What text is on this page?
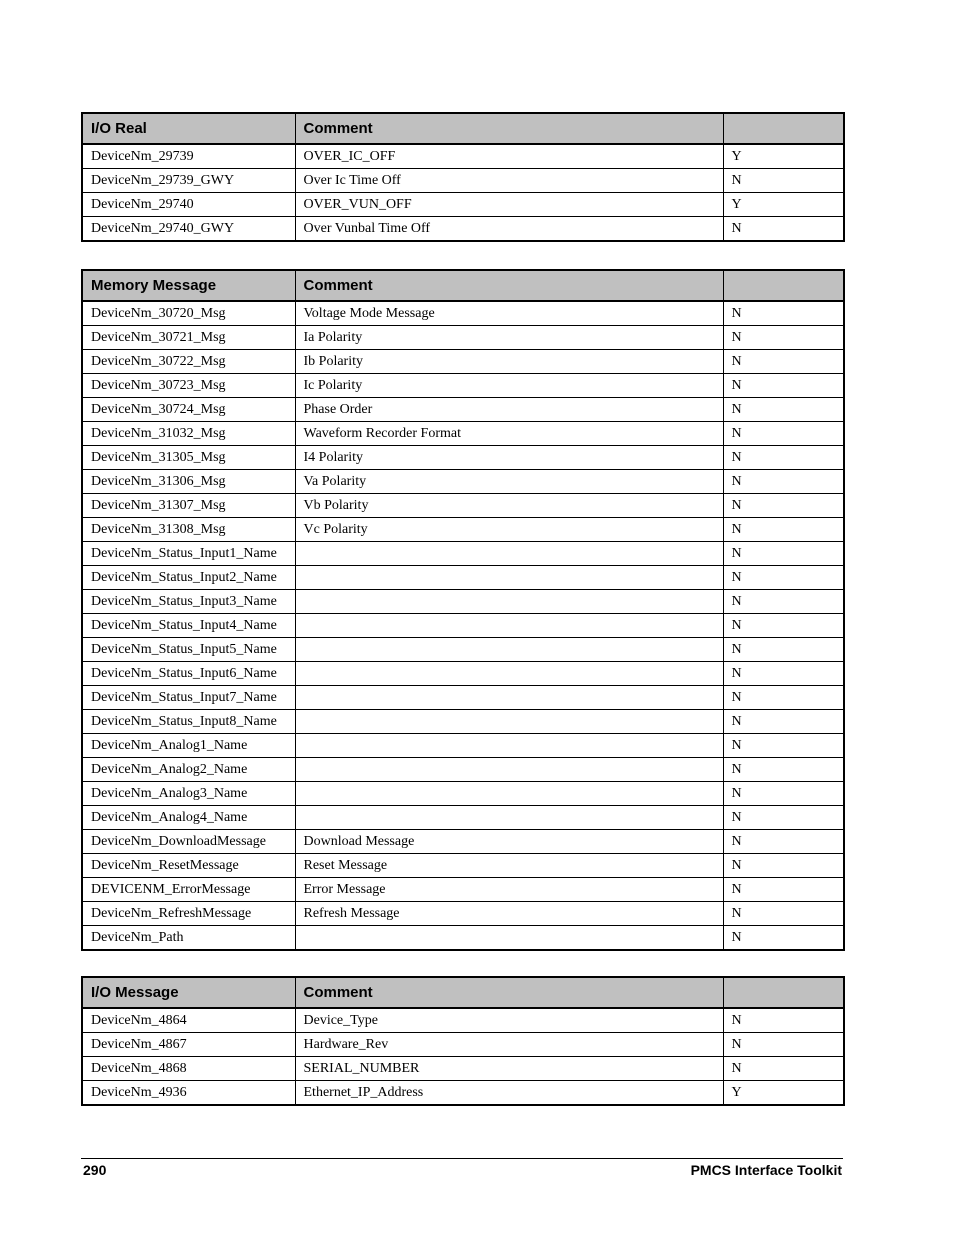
I/O Real	Comment	
DeviceNm_29739	OVER_IC_OFF	Y
DeviceNm_29739_GWY	Over Ic Time Off	N
DeviceNm_29740	OVER_VUN_OFF	Y
DeviceNm_29740_GWY	Over Vunbal Time Off	N
Memory Message	Comment	
DeviceNm_30720_Msg	Voltage Mode Message	N
DeviceNm_30721_Msg	Ia Polarity	N
DeviceNm_30722_Msg	Ib Polarity	N
DeviceNm_30723_Msg	Ic Polarity	N
DeviceNm_30724_Msg	Phase Order	N
DeviceNm_31032_Msg	Waveform Recorder Format	N
DeviceNm_31305_Msg	I4 Polarity	N
DeviceNm_31306_Msg	Va Polarity	N
DeviceNm_31307_Msg	Vb Polarity	N
DeviceNm_31308_Msg	Vc Polarity	N
DeviceNm_Status_Input1_Name		N
DeviceNm_Status_Input2_Name		N
DeviceNm_Status_Input3_Name		N
DeviceNm_Status_Input4_Name		N
DeviceNm_Status_Input5_Name		N
DeviceNm_Status_Input6_Name		N
DeviceNm_Status_Input7_Name		N
DeviceNm_Status_Input8_Name		N
DeviceNm_Analog1_Name		N
DeviceNm_Analog2_Name		N
DeviceNm_Analog3_Name		N
DeviceNm_Analog4_Name		N
DeviceNm_DownloadMessage	Download Message	N
DeviceNm_ResetMessage	Reset Message	N
DEVICENM_ErrorMessage	Error Message	N
DeviceNm_RefreshMessage	Refresh Message	N
DeviceNm_Path		N
I/O Message	Comment	
DeviceNm_4864	Device_Type	N
DeviceNm_4867	Hardware_Rev	N
DeviceNm_4868	SERIAL_NUMBER	N
DeviceNm_4936	Ethernet_IP_Address	Y
290	PMCS Interface Toolkit
